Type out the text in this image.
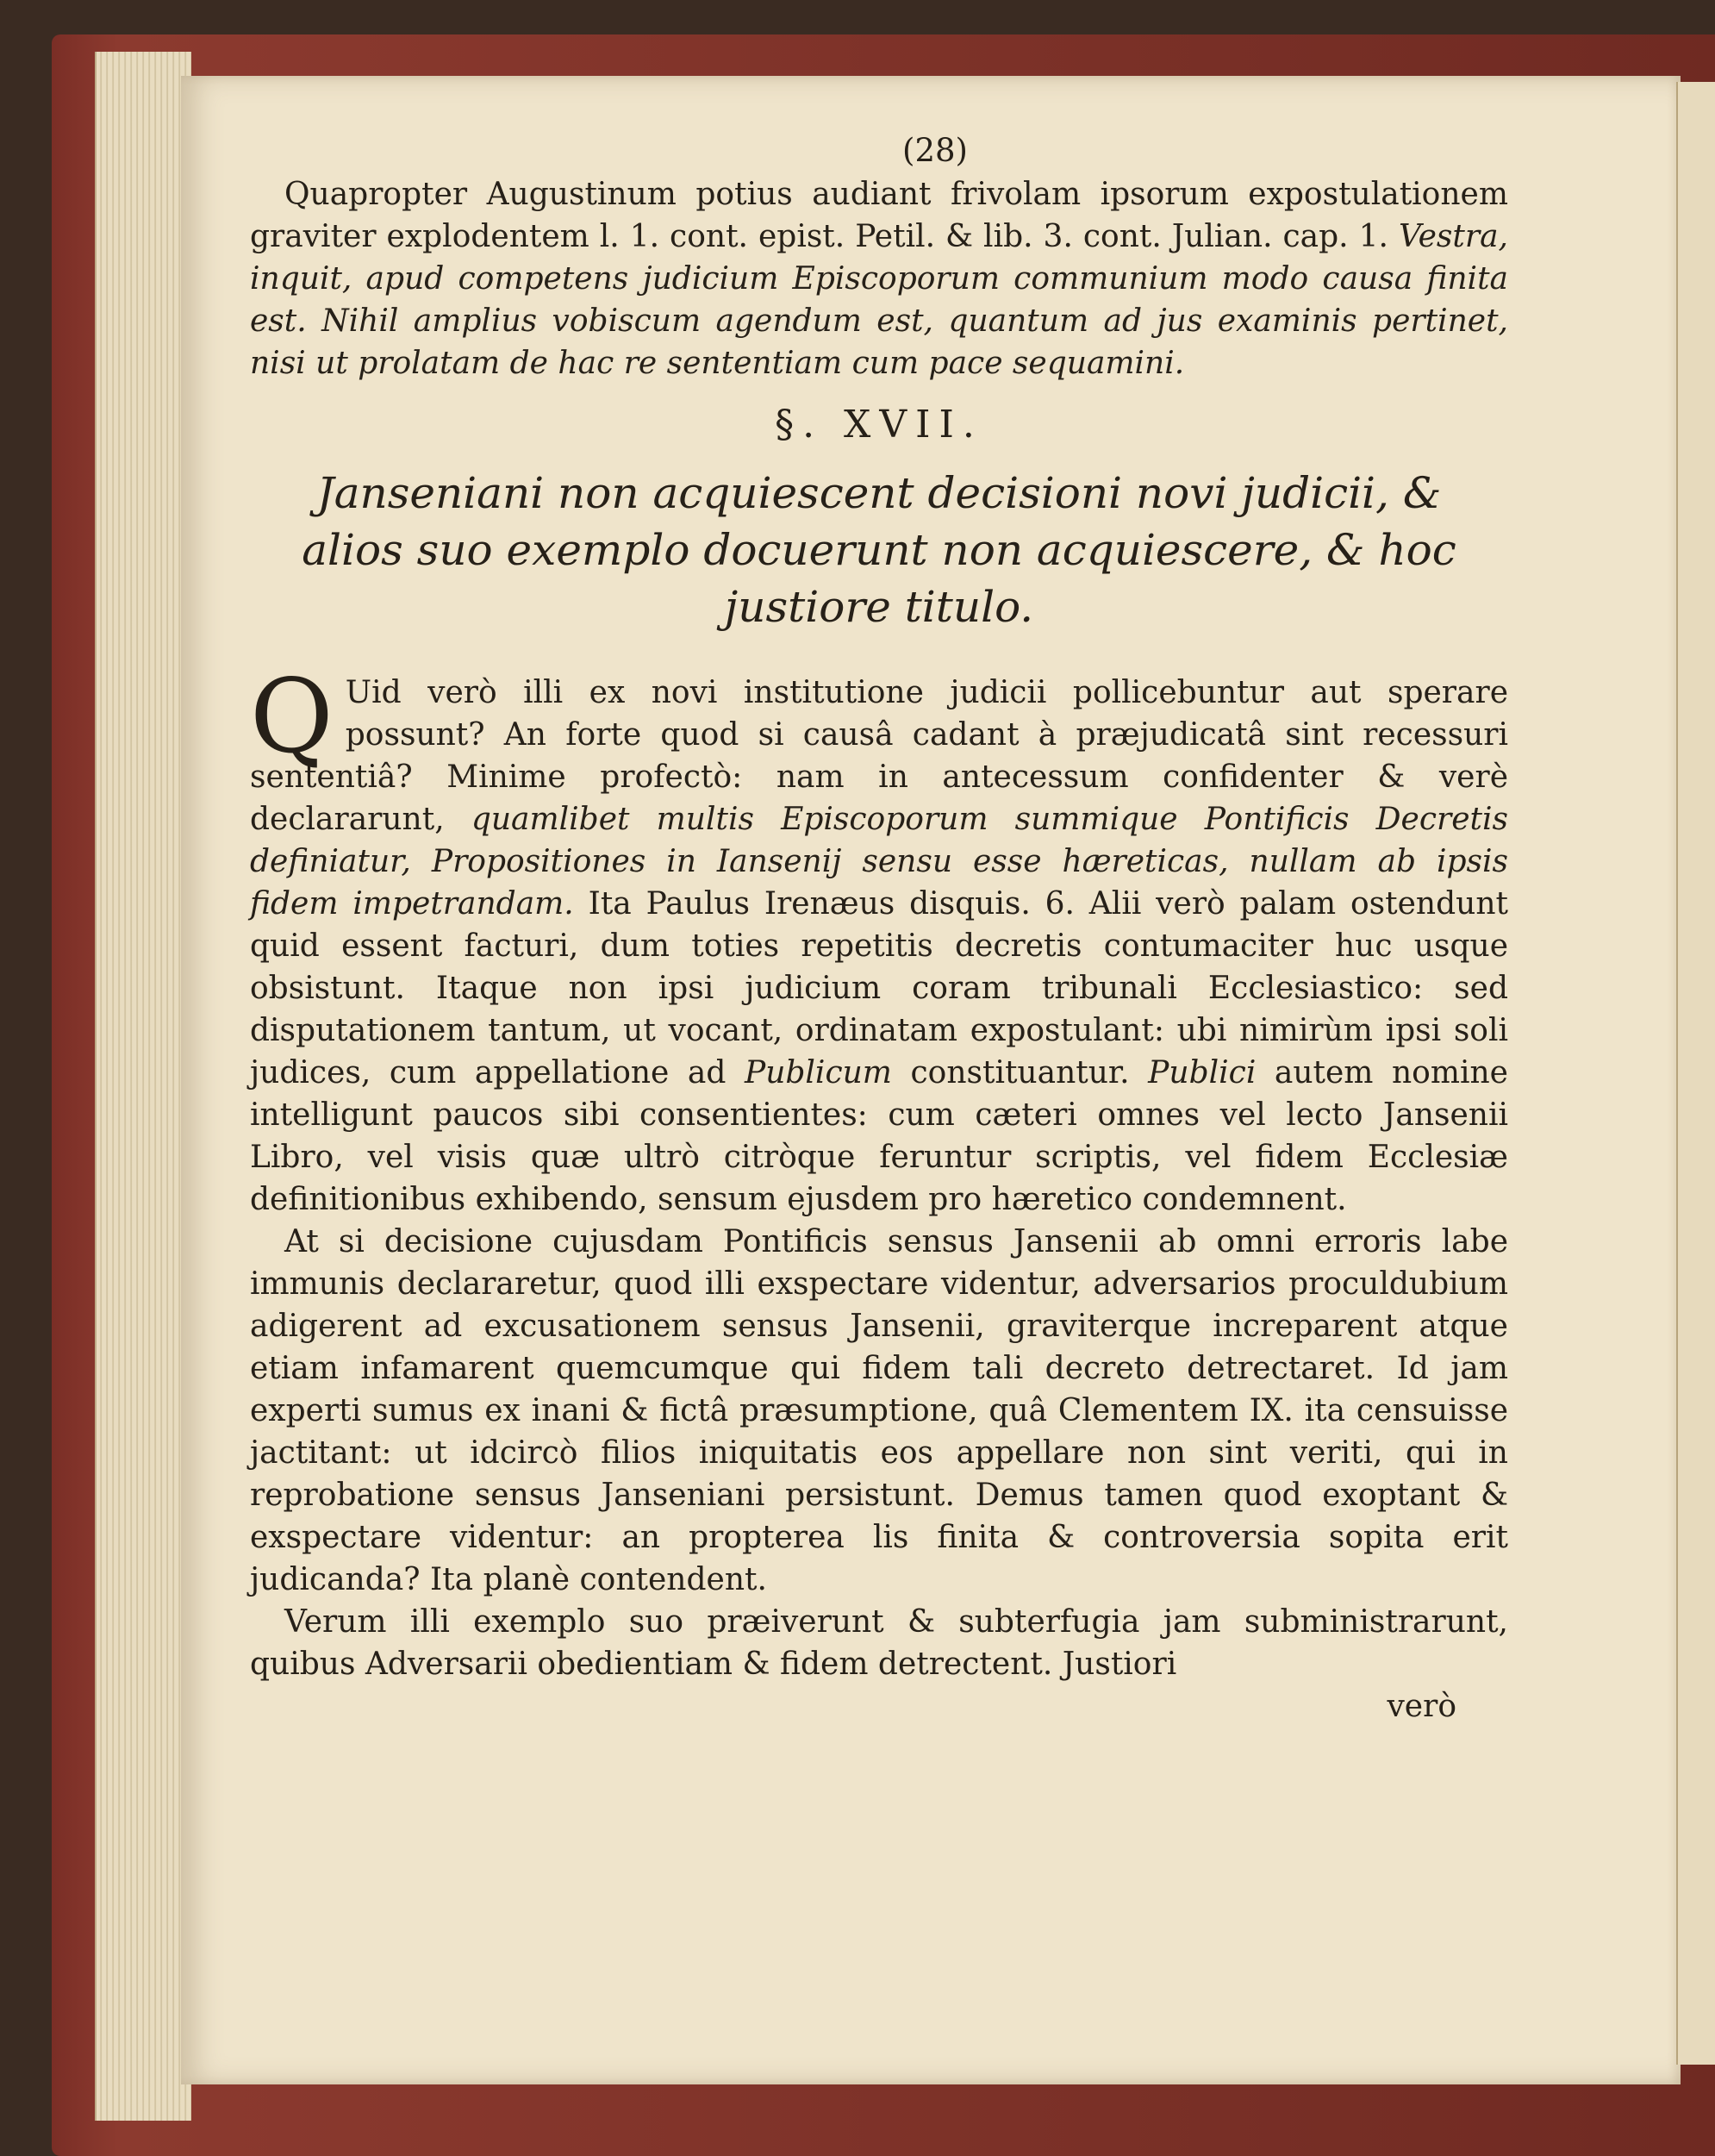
(28)

Quapropter Augustinum potius audiant frivolam ipsorum expostulationem graviter explodentem l. 1. cont. epist. Petil. & lib. 3. cont. Julian. cap. 1. Vestra, inquit, apud competens judicium Episcoporum communium modo causa finita est. Nihil amplius vobiscum agendum est, quantum ad jus examinis pertinet, nisi ut prolatam de hac re sententiam cum pace sequamini.

§. XVII.
Janseniani non acquiescent decisioni novi judicii, & alios suo exemplo docuerunt non acquiescere, & hoc justiore titulo.

Q Uid verò illi ex novi institutione judicii pollicebuntur aut sperare possunt? An forte quod si causâ cadant à præjudicatâ sint recessuri sententiâ? Minime profectò: nam in antecessum confidenter & verè declararunt, quamlibet multis Episcoporum summique Pontificis Decretis definiatur, Propositiones in Iansenij sensu esse hæreticas, nullam ab ipsis fidem impetrandam. Ita Paulus Irenæus disquis. 6. Alii verò palam ostendunt quid essent facturi, dum toties repetitis decretis contumaciter huc usque obsistunt. Itaque non ipsi judicium coram tribunali Ecclesiastico: sed disputationem tantum, ut vocant, ordinatam expostulant: ubi nimirùm ipsi soli judices, cum appellatione ad Publicum constituantur. Publici autem nomine intelligunt paucos sibi consentientes: cum cæteri omnes vel lecto Jansenii Libro, vel visis quæ ultrò citròque feruntur scriptis, vel fidem Ecclesiæ definitionibus exhibendo, sensum ejusdem pro hæretico condemnent.

At si decisione cujusdam Pontificis sensus Jansenii ab omni erroris labe immunis declararetur, quod illi exspectare videntur, adversarios proculdubium adigerent ad excusationem sensus Jansenii, graviterque increparent atque etiam infamarent quemcumque qui fidem tali decreto detrectaret. Id jam experti sumus ex inani & fictâ præsumptione, quâ Clementem IX. ita censuisse jactitant: ut idcircò filios iniquitatis eos appellare non sint veriti, qui in reprobatione sensus Janseniani persistunt. Demus tamen quod exoptant & exspectare videntur: an propterea lis finita & controversia sopita erit judicanda? Ita planè contendent.

Verum illi exemplo suo præiverunt & subterfugia jam subministrarunt, quibus Adversarii obedientiam & fidem detrectent. Justiori

verò
